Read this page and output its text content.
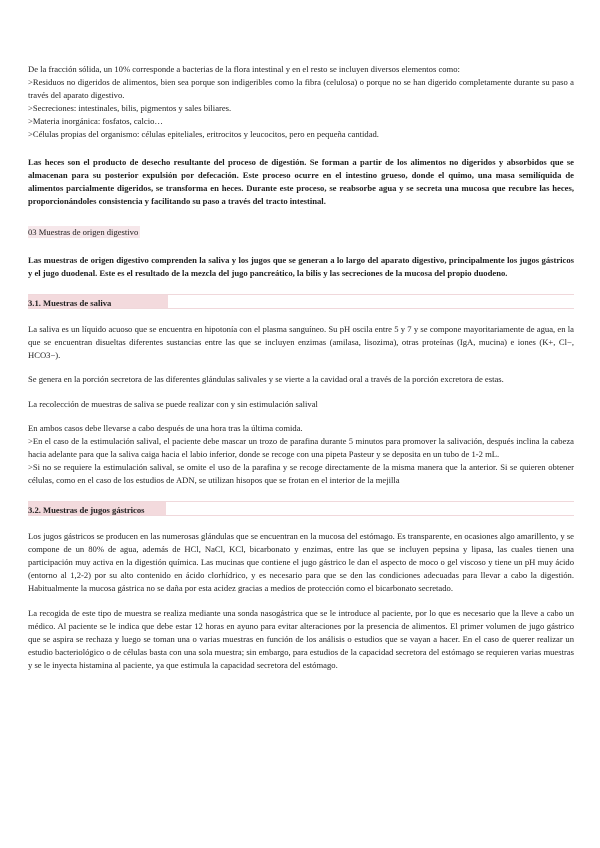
De la fracción sólida, un 10% corresponde a bacterias de la flora intestinal y en el resto se incluyen diversos elementos como:

>Residuos no digeridos de alimentos, bien sea porque son indigeribles como la fibra (celulosa) o porque no se han digerido completamente durante su paso a través del aparato digestivo.

>Secreciones: intestinales, bilis, pigmentos y sales biliares.

>Materia inorgánica: fosfatos, calcio…

>Células propias del organismo: células epiteliales, eritrocitos y leucocitos, pero en pequeña cantidad.

Las heces son el producto de desecho resultante del proceso de digestión. Se forman a partir de los alimentos no digeridos y absorbidos que se almacenan para su posterior expulsión por defecación. Este proceso ocurre en el intestino grueso, donde el quimo, una masa semilíquida de alimentos parcialmente digeridos, se transforma en heces. Durante este proceso, se reabsorbe agua y se secreta una mucosa que recubre las heces, proporcionándoles consistencia y facilitando su paso a través del tracto intestinal.

03 Muestras de origen digestivo

Las muestras de origen digestivo comprenden la saliva y los jugos que se generan a lo largo del aparato digestivo, principalmente los jugos gástricos y el jugo duodenal. Este es el resultado de la mezcla del jugo pancreático, la bilis y las secreciones de la mucosa del propio duodeno.

3.1. Muestras de saliva

La saliva es un líquido acuoso que se encuentra en hipotonía con el plasma sanguíneo. Su pH oscila entre 5 y 7 y se compone mayoritariamente de agua, en la que se encuentran disueltas diferentes sustancias entre las que se incluyen enzimas (amilasa, lisozima), otras proteínas (IgA, mucina) e iones (K+, Cl−, HCO3−).

Se genera en la porción secretora de las diferentes glándulas salivales y se vierte a la cavidad oral a través de la porción excretora de estas.

La recolección de muestras de saliva se puede realizar con y sin estimulación salival

En ambos casos debe llevarse a cabo después de una hora tras la última comida.

>En el caso de la estimulación salival, el paciente debe mascar un trozo de parafina durante 5 minutos para promover la salivación, después inclina la cabeza hacia adelante para que la saliva caiga hacia el labio inferior, donde se recoge con una pipeta Pasteur y se deposita en un tubo de 1-2 mL.

>Si no se requiere la estimulación salival, se omite el uso de la parafina y se recoge directamente de la misma manera que la anterior. Si se quieren obtener células, como en el caso de los estudios de ADN, se utilizan hisopos que se frotan en el interior de la mejilla

3.2. Muestras de jugos gástricos

Los jugos gástricos se producen en las numerosas glándulas que se encuentran en la mucosa del estómago. Es transparente, en ocasiones algo amarillento, y se compone de un 80% de agua, además de HCl, NaCl, KCl, bicarbonato y enzimas, entre las que se incluyen pepsina y lipasa, las cuales tienen una participación muy activa en la digestión química. Las mucinas que contiene el jugo gástrico le dan el aspecto de moco o gel viscoso y tiene un pH muy ácido (entorno al 1,2-2) por su alto contenido en ácido clorhídrico, y es necesario para que se den las condiciones adecuadas para llevar a cabo la digestión. Habitualmente la mucosa gástrica no se daña por esta acidez gracias a medios de protección como el bicarbonato secretado.

La recogida de este tipo de muestra se realiza mediante una sonda nasogástrica que se le introduce al paciente, por lo que es necesario que la lleve a cabo un médico. Al paciente se le indica que debe estar 12 horas en ayuno para evitar alteraciones por la presencia de alimentos. El primer volumen de jugo gástrico que se aspira se rechaza y luego se toman una o varias muestras en función de los análisis o estudios que se vayan a hacer. En el caso de querer realizar un estudio bacteriológico o de células basta con una sola muestra; sin embargo, para estudios de la capacidad secretora del estómago se requieren varias muestras y se le inyecta histamina al paciente, ya que estimula la capacidad secretora del estómago.
